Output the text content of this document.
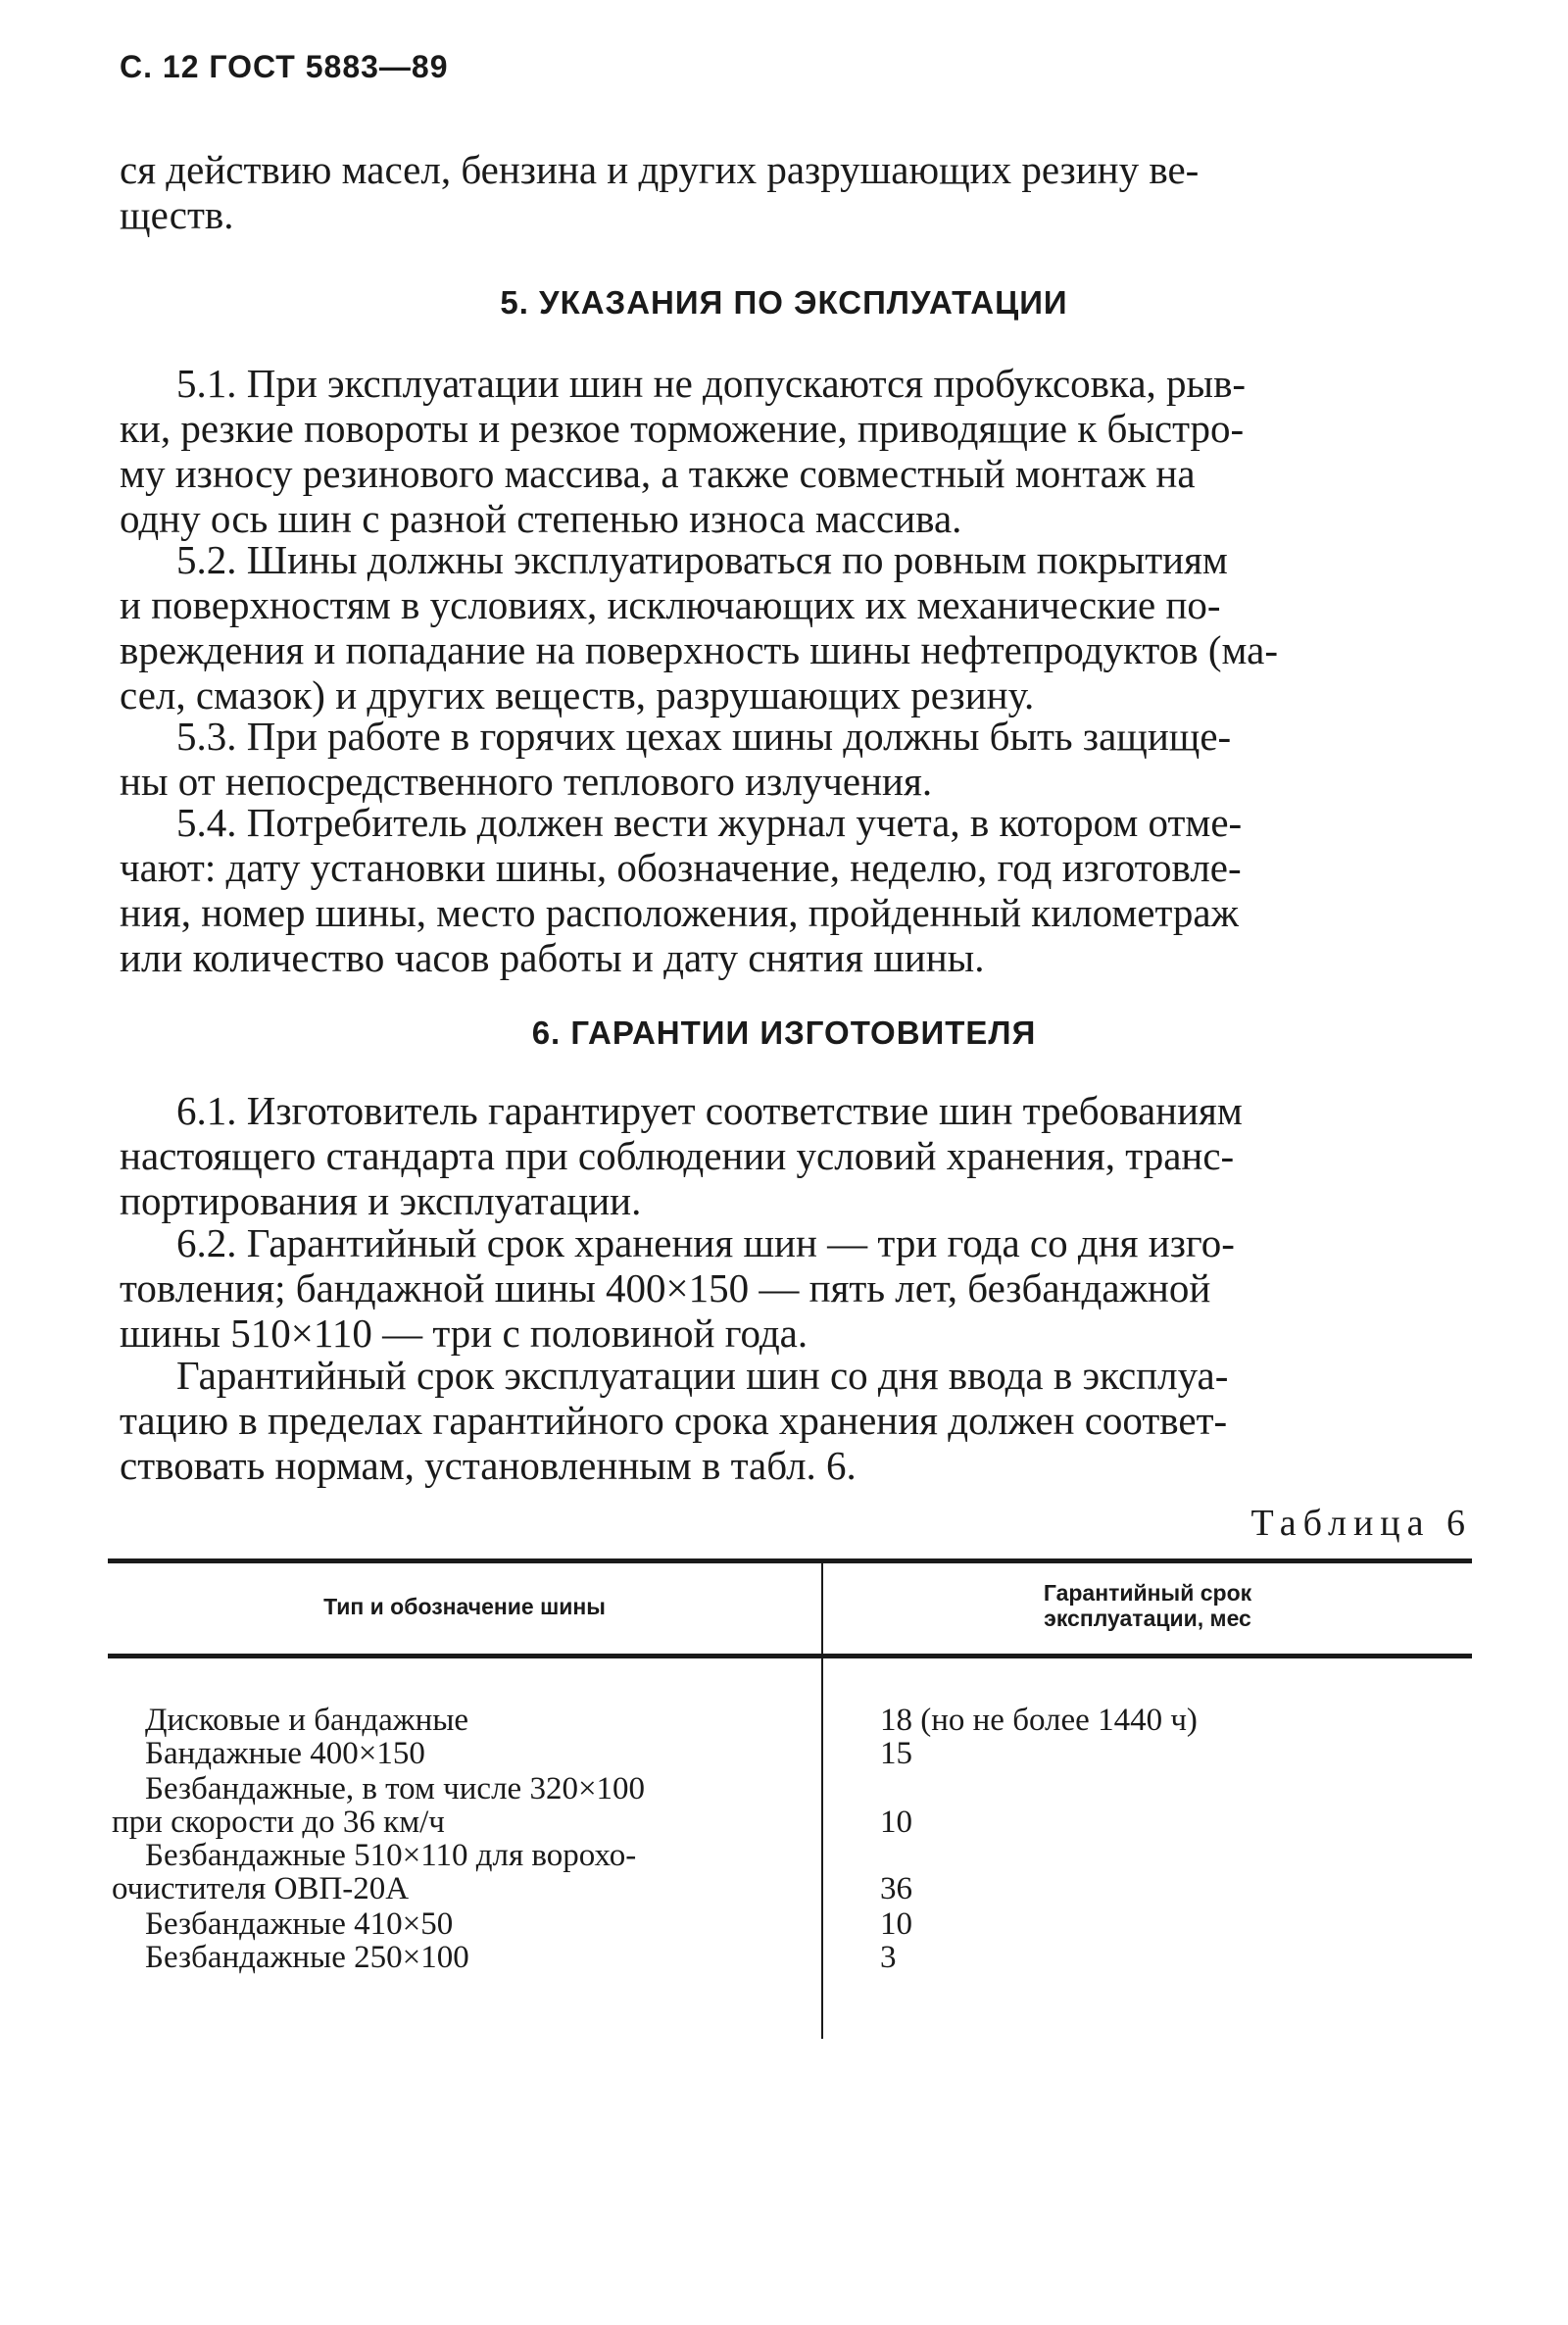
С. 12 ГОСТ 5883—89
ся действию масел, бензина и других разрушающих резину ве-
ществ.
5. УКАЗАНИЯ ПО ЭКСПЛУАТАЦИИ
5.1. При эксплуатации шин не допускаются пробуксовка, рыв-
ки, резкие повороты и резкое торможение, приводящие к быстро-
му износу резинового массива, а также совместный монтаж на
одну ось шин с разной степенью износа массива.
5.2. Шины должны эксплуатироваться по ровным покрытиям
и поверхностям в условиях, исключающих их механические по-
вреждения и попадание на поверхность шины нефтепродуктов (ма-
сел, смазок) и других веществ, разрушающих резину.
5.3. При работе в горячих цехах шины должны быть защище-
ны от непосредственного теплового излучения.
5.4. Потребитель должен вести журнал учета, в котором отме-
чают: дату установки шины, обозначение, неделю, год изготовле-
ния, номер шины, место расположения, пройденный километраж
или количество часов работы и дату снятия шины.
6. ГАРАНТИИ ИЗГОТОВИТЕЛЯ
6.1. Изготовитель гарантирует соответствие шин требованиям
настоящего стандарта при соблюдении условий хранения, транс-
портирования и эксплуатации.
6.2. Гарантийный срок хранения шин — три года со дня изго-
товления; бандажной шины 400×150 — пять лет, безбандажной
шины 510×110 — три с половиной года.
Гарантийный срок эксплуатации шин со дня ввода в эксплуа-
тацию в пределах гарантийного срока хранения должен соответ-
ствовать нормам, установленным в табл. 6.
Таблица 6
Тип и обозначение шины
Гарантийный срок
эксплуатации, мес
Дисковые и бандажные	18 (но не более 1440 ч)
Бандажные 400×150	15
Безбандажные, в том числе 320×100
при скорости до 36 км/ч	10
Безбандажные 510×110 для ворохо-
очистителя ОВП-20А	36
Безбандажные 410×50	10
Безбандажные 250×100	3
